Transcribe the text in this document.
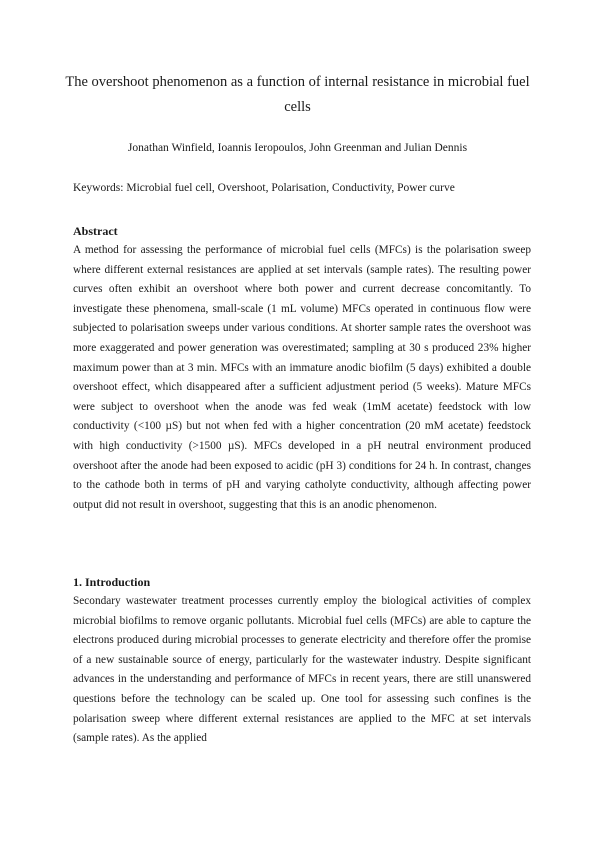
The overshoot phenomenon as a function of internal resistance in microbial fuel cells
Jonathan Winfield, Ioannis Ieropoulos, John Greenman and Julian Dennis
Keywords: Microbial fuel cell, Overshoot, Polarisation, Conductivity, Power curve
Abstract
A method for assessing the performance of microbial fuel cells (MFCs) is the polarisation sweep where different external resistances are applied at set intervals (sample rates). The resulting power curves often exhibit an overshoot where both power and current decrease concomitantly. To investigate these phenomena, small-scale (1 mL volume) MFCs operated in continuous flow were subjected to polarisation sweeps under various conditions. At shorter sample rates the overshoot was more exaggerated and power generation was overestimated; sampling at 30 s produced 23% higher maximum power than at 3 min. MFCs with an immature anodic biofilm (5 days) exhibited a double overshoot effect, which disappeared after a sufficient adjustment period (5 weeks). Mature MFCs were subject to overshoot when the anode was fed weak (1mM acetate) feedstock with low conductivity (<100 µS) but not when fed with a higher concentration (20 mM acetate) feedstock with high conductivity (>1500 µS). MFCs developed in a pH neutral environment produced overshoot after the anode had been exposed to acidic (pH 3) conditions for 24 h. In contrast, changes to the cathode both in terms of pH and varying catholyte conductivity, although affecting power output did not result in overshoot, suggesting that this is an anodic phenomenon.
1. Introduction
Secondary wastewater treatment processes currently employ the biological activities of complex microbial biofilms to remove organic pollutants. Microbial fuel cells (MFCs) are able to capture the electrons produced during microbial processes to generate electricity and therefore offer the promise of a new sustainable source of energy, particularly for the wastewater industry. Despite significant advances in the understanding and performance of MFCs in recent years, there are still unanswered questions before the technology can be scaled up. One tool for assessing such confines is the polarisation sweep where different external resistances are applied to the MFC at set intervals (sample rates). As the applied
